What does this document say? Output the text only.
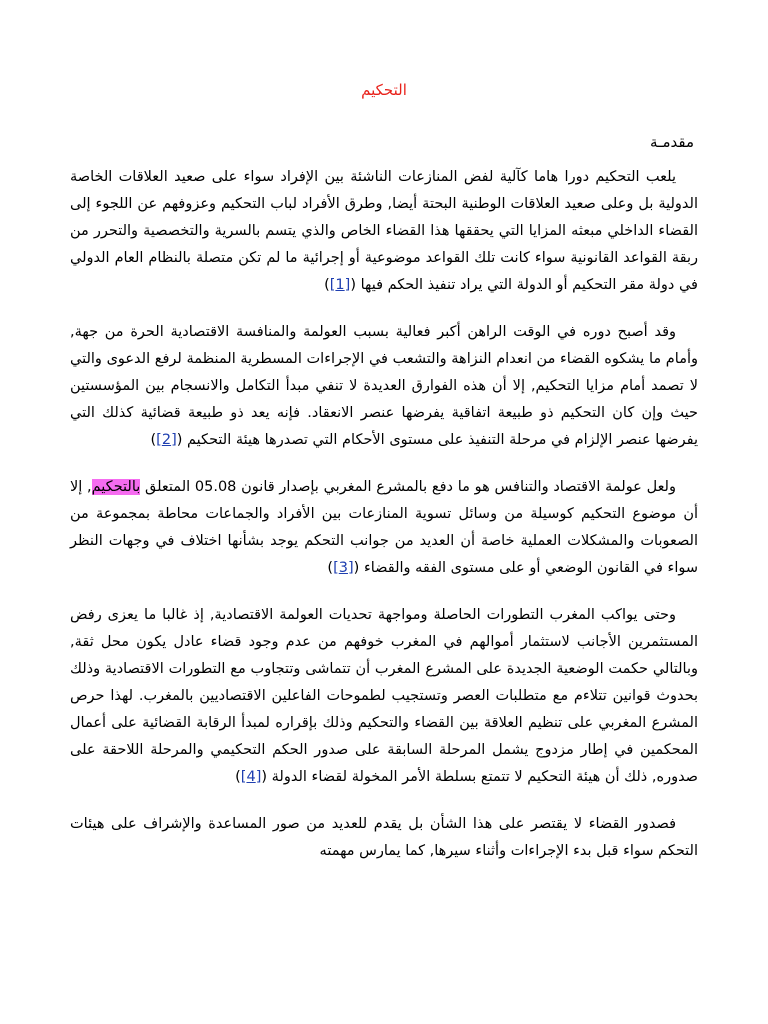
التحكيم
مقدمـة

يلعب التحكيم دورا هاما كآلية لفض المنازعات الناشئة بين الإفراد سواء على صعيد العلاقات الخاصة الدولية بل وعلى صعيد العلاقات الوطنية البحتة أيضا, وطرق الأفراد لباب التحكيم وعزوفهم عن اللجوء إلى القضاء الداخلي مبعثه المزايا التي يحققها هذا القضاء الخاص والذي يتسم بالسرية والتخصصية والتحرر من ربقة القواعد القانونية سواء كانت تلك القواعد موضوعية أو إجرائية ما لم تكن متصلة بالنظام العام الدولي في دولة مقر التحكيم أو الدولة التي يراد تنفيذ الحكم فيها ([1])

وقد أصبح دوره في الوقت الراهن أكبر فعالية بسبب العولمة والمنافسة الاقتصادية الحرة من جهة, وأمام ما يشكوه القضاء من انعدام النزاهة والتشعب في الإجراءات المسطرية المنظمة لرفع الدعوى والتي لا تصمد أمام مزايا التحكيم, إلا أن هذه الفوارق العديدة لا تنفي مبدأ التكامل والانسجام بين المؤسستين حيث وإن كان التحكيم ذو طبيعة اتفاقية يفرضها عنصر الانعقاد. فإنه يعد ذو طبيعة قضائية كذلك التي يفرضها عنصر الإلزام في مرحلة التنفيذ على مستوى الأحكام التي تصدرها هيئة التحكيم ([2])

ولعل عولمة الاقتصاد والتنافس هو ما دفع بالمشرع المغربي بإصدار قانون 05.08 المتعلق بالتحكيم, إلا أن موضوع التحكيم كوسيلة من وسائل تسوية المنازعات بين الأفراد والجماعات محاطة بمجموعة من الصعوبات والمشكلات العملية خاصة أن العديد من جوانب التحكم يوجد بشأنها اختلاف في وجهات النظر سواء في القانون الوضعي أو على مستوى الفقه والقضاء ([3])

وحتى يواكب المغرب التطورات الحاصلة ومواجهة تحديات العولمة الاقتصادية, إذ غالبا ما يعزى رفض المستثمرين الأجانب لاستثمار أموالهم في المغرب خوفهم من عدم وجود قضاء عادل يكون محل ثقة, وبالتالي حكمت الوضعية الجديدة على المشرع المغرب أن تتماشى وتتجاوب مع التطورات الاقتصادية وذلك بحدوث قوانين تتلاءم مع متطلبات العصر وتستجيب لطموحات الفاعلين الاقتصاديين بالمغرب. لهذا حرص المشرع المغربي على تنظيم العلاقة بين القضاء والتحكيم وذلك بإقراره لمبدأ الرقابة القضائية على أعمال المحكمين في إطار مزدوج يشمل المرحلة السابقة على صدور الحكم التحكيمي والمرحلة اللاحقة على صدوره, ذلك أن هيئة التحكيم لا تتمتع بسلطة الأمر المخولة لقضاء الدولة ([4])

فصدور القضاء لا يقتصر على هذا الشأن بل يقدم للعديد من صور المساعدة والإشراف على هيئات التحكم سواء قبل بدء الإجراءات وأثناء سيرها, كما يمارس مهمته
